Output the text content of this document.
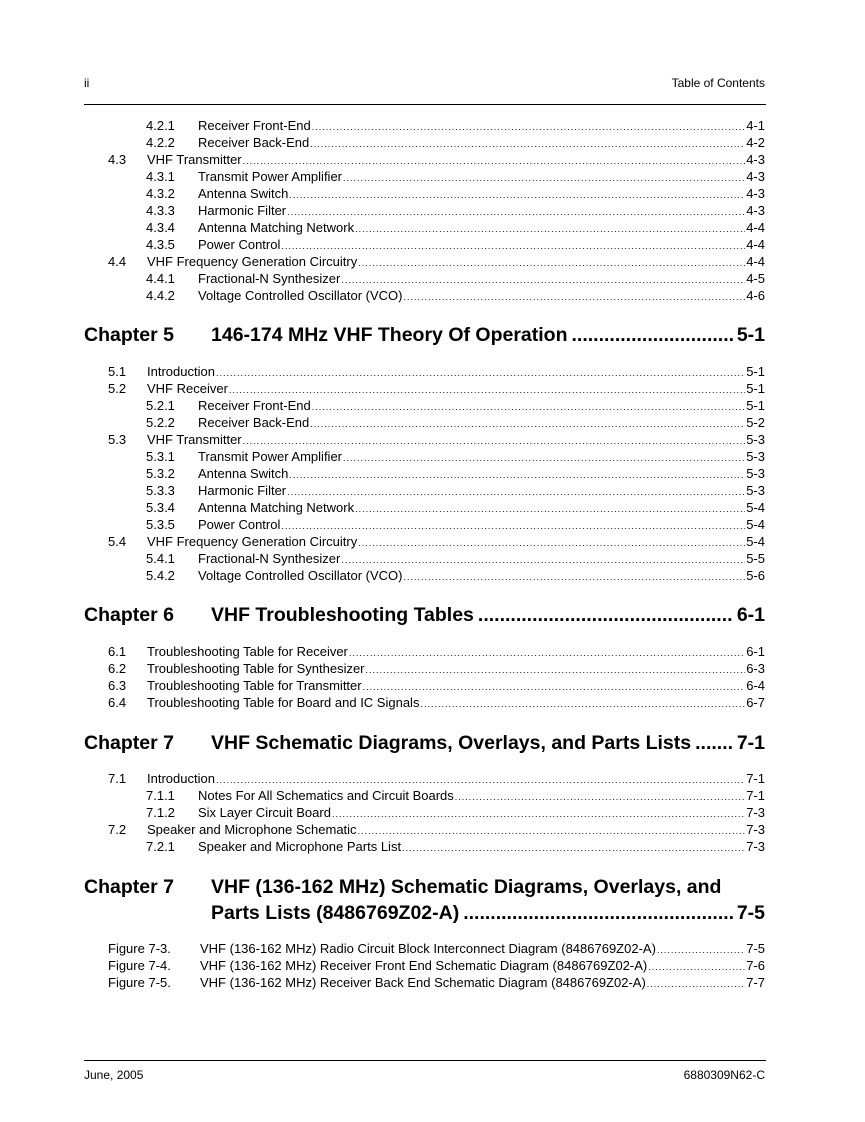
ii	Table of Contents
4.2.1	Receiver Front-End .....	4-1
4.2.2	Receiver Back-End .....	4-2
4.3	VHF Transmitter .....	4-3
4.3.1	Transmit Power Amplifier .....	4-3
4.3.2	Antenna Switch .....	4-3
4.3.3	Harmonic Filter .....	4-3
4.3.4	Antenna Matching Network .....	4-4
4.3.5	Power Control .....	4-4
4.4	VHF Frequency Generation Circuitry .....	4-4
4.4.1	Fractional-N Synthesizer .....	4-5
4.4.2	Voltage Controlled Oscillator (VCO) .....	4-6
Chapter 5 146-174 MHz VHF Theory Of Operation .....	5-1
5.1	Introduction .....	5-1
5.2	VHF Receiver .....	5-1
5.2.1	Receiver Front-End .....	5-1
5.2.2	Receiver Back-End .....	5-2
5.3	VHF Transmitter .....	5-3
5.3.1	Transmit Power Amplifier .....	5-3
5.3.2	Antenna Switch .....	5-3
5.3.3	Harmonic Filter .....	5-3
5.3.4	Antenna Matching Network .....	5-4
5.3.5	Power Control .....	5-4
5.4	VHF Frequency Generation Circuitry .....	5-4
5.4.1	Fractional-N Synthesizer .....	5-5
5.4.2	Voltage Controlled Oscillator (VCO) .....	5-6
Chapter 6 VHF Troubleshooting Tables .....	6-1
6.1	Troubleshooting Table for Receiver .....	6-1
6.2	Troubleshooting Table for Synthesizer .....	6-3
6.3	Troubleshooting Table for Transmitter .....	6-4
6.4	Troubleshooting Table for Board and IC Signals .....	6-7
Chapter 7 VHF Schematic Diagrams, Overlays, and Parts Lists ..... 7-1
7.1	Introduction .....	7-1
7.1.1	Notes For All Schematics and Circuit Boards .....	7-1
7.1.2	Six Layer Circuit Board .....	7-3
7.2	Speaker and Microphone Schematic .....	7-3
7.2.1	Speaker and Microphone Parts List .....	7-3
Chapter 7 VHF (136-162 MHz) Schematic Diagrams, Overlays, and
Parts Lists (8486769Z02-A) .....	7-5
Figure 7-3.	VHF (136-162 MHz) Radio Circuit Block Interconnect Diagram (8486769Z02-A) .....	7-5
Figure 7-4.	VHF (136-162 MHz) Receiver Front End Schematic Diagram (8486769Z02-A) .....	7-6
Figure 7-5.	VHF (136-162 MHz) Receiver Back End Schematic Diagram (8486769Z02-A) .....	7-7
June, 2005	6880309N62-C
